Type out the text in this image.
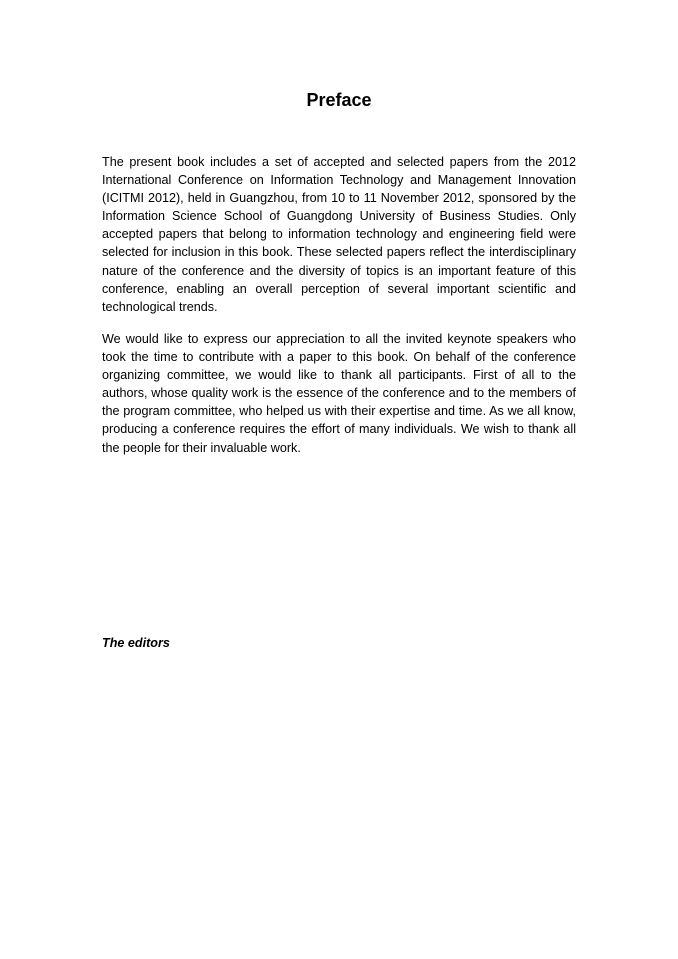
Preface

The present book includes a set of accepted and selected papers from the 2012 International Conference on Information Technology and Management Innovation (ICITMI 2012), held in Guangzhou, from 10 to 11 November 2012, sponsored by the Information Science School of Guangdong University of Business Studies. Only accepted papers that belong to information technology and engineering field were selected for inclusion in this book. These selected papers reflect the interdisciplinary nature of the conference and the diversity of topics is an important feature of this conference, enabling an overall perception of several important scientific and technological trends.

We would like to express our appreciation to all the invited keynote speakers who took the time to contribute with a paper to this book. On behalf of the conference organizing committee, we would like to thank all participants. First of all to the authors, whose quality work is the essence of the conference and to the members of the program committee, who helped us with their expertise and time. As we all know, producing a conference requires the effort of many individuals. We wish to thank all the people for their invaluable work.

The editors
